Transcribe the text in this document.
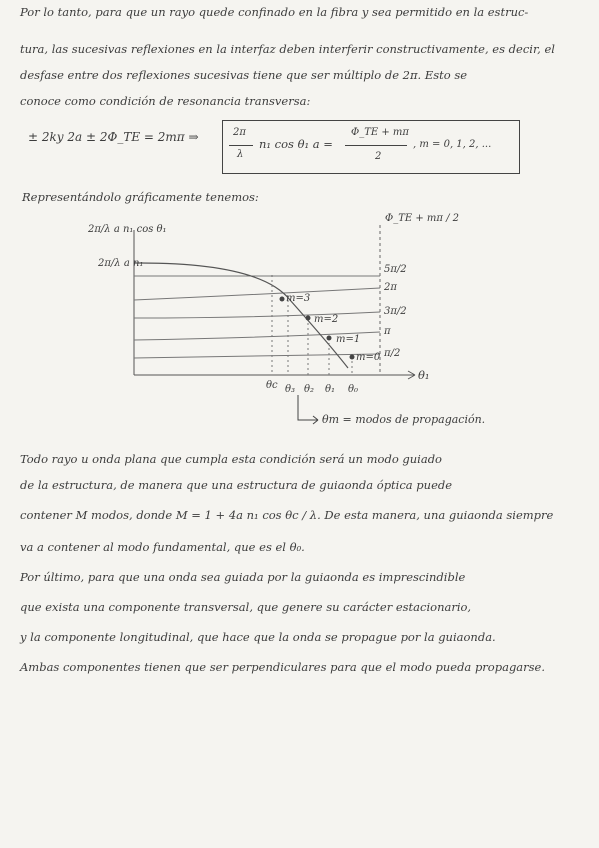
Por lo tanto, para que un rayo quede confinado en la fibra y sea permitido en la estruc-
tura, las sucesivas reflexiones en la interfaz deben interferir constructivamente, es decir, el
desfase entre dos reflexiones sucesivas tiene que ser múltiplo de 2π. Esto se
conoce como condición de resonancia transversa:
± 2ky 2a ± 2Φ_TE = 2mπ ⇒	2π
λ
n₁ cos θ₁ a =
Φ_TE + mπ
2
, m = 0, 1, 2, ...
Representándolo gráficamente tenemos:
2π/λ a n₁ cos θ₁
2π/λ a n₁
Φ_TE + mπ / 2
5π/2
2π
3π/2
π
π/2
m=3
m=2
m=1
m=0
θ₁
θc θ₃ θ₂ θ₁ θ₀
θm = modos de propagación.
Todo rayo u onda plana que cumpla esta condición será un modo guiado
de la estructura, de manera que una estructura de guiaonda óptica puede
contener M modos, donde M = 1 + 4a n₁ cos θc / λ. De esta manera, una guiaonda siempre
va a contener al modo fundamental, que es el θ₀.
Por último, para que una onda sea guiada por la guiaonda es imprescindible
que exista una componente transversal, que genere su carácter estacionario,
y la componente longitudinal, que hace que la onda se propague por la guiaonda.
Ambas componentes tienen que ser perpendiculares para que el modo pueda propagarse.
